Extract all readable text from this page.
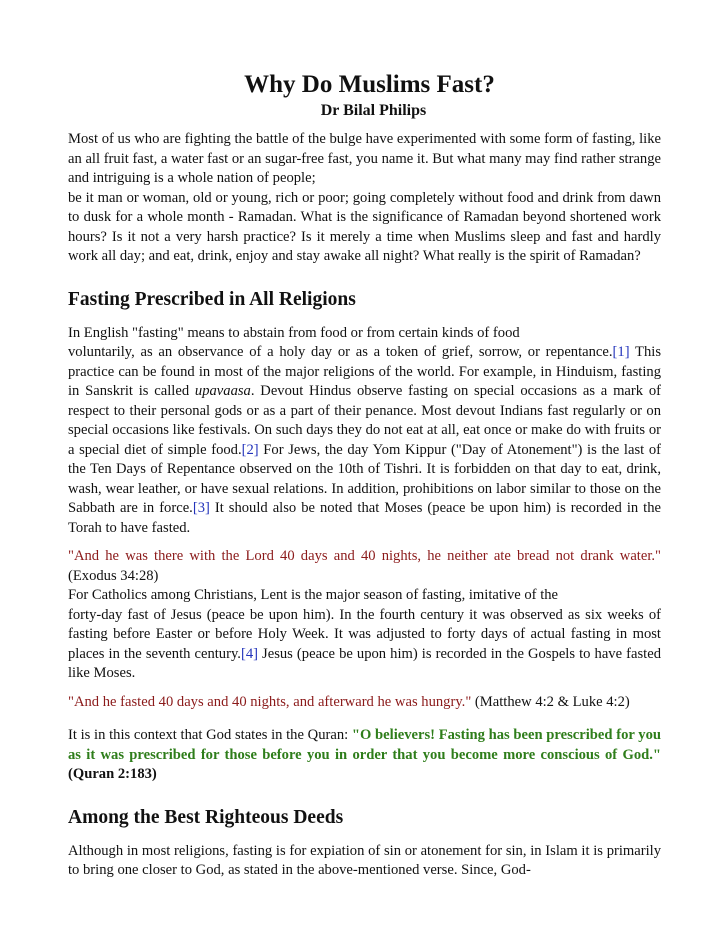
Why Do Muslims Fast?
Dr Bilal Philips

Most of us who are fighting the battle of the bulge have experimented with some form of fasting, like an all fruit fast, a water fast or an sugar-free fast, you name it. But what many may find rather strange and intriguing is a whole nation of people;
be it man or woman, old or young, rich or poor; going completely without food and drink from dawn to dusk for a whole month - Ramadan. What is the significance of Ramadan beyond shortened work hours? Is it not a very harsh practice? Is it merely a time when Muslims sleep and fast and hardly work all day; and eat, drink, enjoy and stay awake all night? What really is the spirit of Ramadan?

Fasting Prescribed in All Religions

In English "fasting" means to abstain from food or from certain kinds of food
voluntarily, as an observance of a holy day or as a token of grief, sorrow, or repentance.[1] This practice can be found in most of the major religions of the world. For example, in Hinduism, fasting in Sanskrit is called upavaasa. Devout Hindus observe fasting on special occasions as a mark of respect to their personal gods or as a part of their penance. Most devout Indians fast regularly or on special occasions like festivals. On such days they do not eat at all, eat once or make do with fruits or a special diet of simple food.[2] For Jews, the day Yom Kippur ("Day of Atonement") is the last of the Ten Days of Repentance observed on the 10th of Tishri. It is forbidden on that day to eat, drink, wash, wear leather, or have sexual relations. In addition, prohibitions on labor similar to those on the Sabbath are in force.[3] It should also be noted that Moses (peace be upon him) is recorded in the Torah to have fasted.

"And he was there with the Lord 40 days and 40 nights, he neither ate bread not drank water." (Exodus 34:28)
For Catholics among Christians, Lent is the major season of fasting, imitative of the
forty-day fast of Jesus (peace be upon him). In the fourth century it was observed as six weeks of fasting before Easter or before Holy Week. It was adjusted to forty days of actual fasting in most places in the seventh century.[4] Jesus (peace be upon him) is recorded in the Gospels to have fasted like Moses.

"And he fasted 40 days and 40 nights, and afterward he was hungry." (Matthew 4:2 & Luke 4:2)

It is in this context that God states in the Quran: "O believers! Fasting has been prescribed for you as it was prescribed for those before you in order that you become more conscious of God." (Quran 2:183)

Among the Best Righteous Deeds

Although in most religions, fasting is for expiation of sin or atonement for sin, in Islam it is primarily to bring one closer to God, as stated in the above-mentioned verse. Since, God-
